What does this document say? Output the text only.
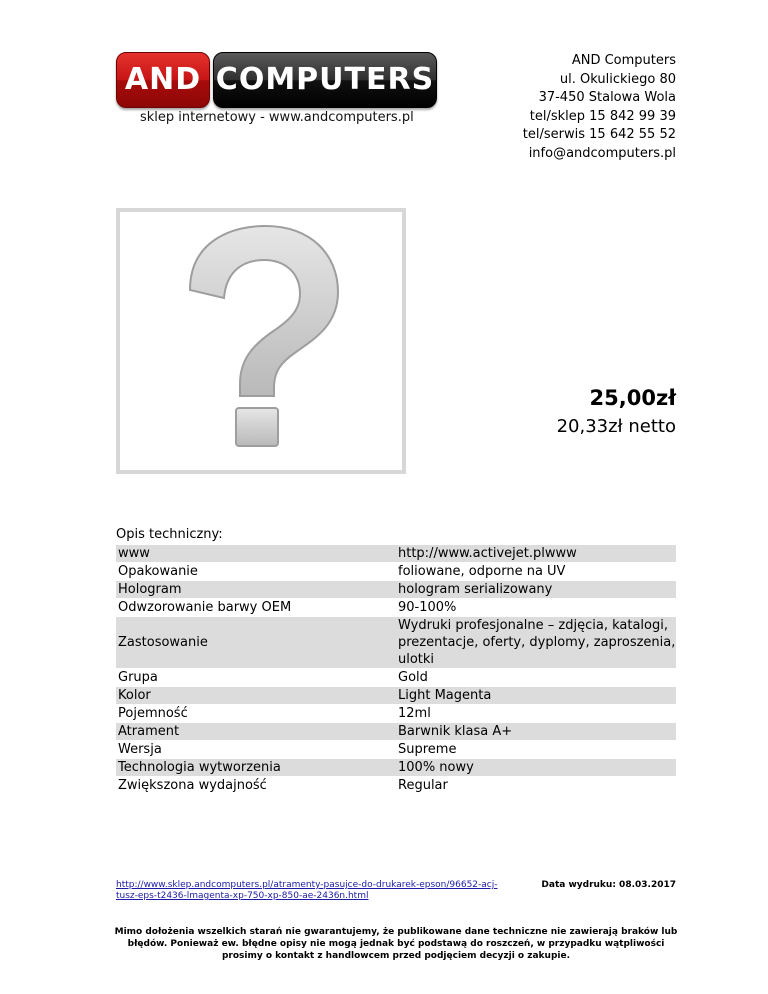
AND COMPUTERS
sklep internetowy - www.andcomputers.pl
AND Computers
ul. Okulickiego 80
37-450 Stalowa Wola
tel/sklep 15 842 99 39
tel/serwis 15 642 55 52
info@andcomputers.pl
25,00zł
20,33zł netto
Opis techniczny:
www	http://www.activejet.plwww
Opakowanie	foliowane, odporne na UV
Hologram	hologram serializowany
Odwzorowanie barwy OEM	90-100%
Zastosowanie	Wydruki profesjonalne – zdjęcia, katalogi, prezentacje, oferty, dyplomy, zaproszenia, ulotki
Grupa	Gold
Kolor	Light Magenta
Pojemność	12ml
Atrament	Barwnik klasa A+
Wersja	Supreme
Technologia wytworzenia	100% nowy
Zwiększona wydajność	Regular
http://www.sklep.andcomputers.pl/atramenty-pasujce-do-drukarek-epson/96652-acj-tusz-eps-t2436-lmagenta-xp-750-xp-850-ae-2436n.html
Data wydruku: 08.03.2017
Mimo dołożenia wszelkich starań nie gwarantujemy, że publikowane dane techniczne nie zawierają braków lub błędów. Ponieważ ew. błędne opisy nie mogą jednak być podstawą do roszczeń, w przypadku wątpliwości prosimy o kontakt z handlowcem przed podjęciem decyzji o zakupie.
